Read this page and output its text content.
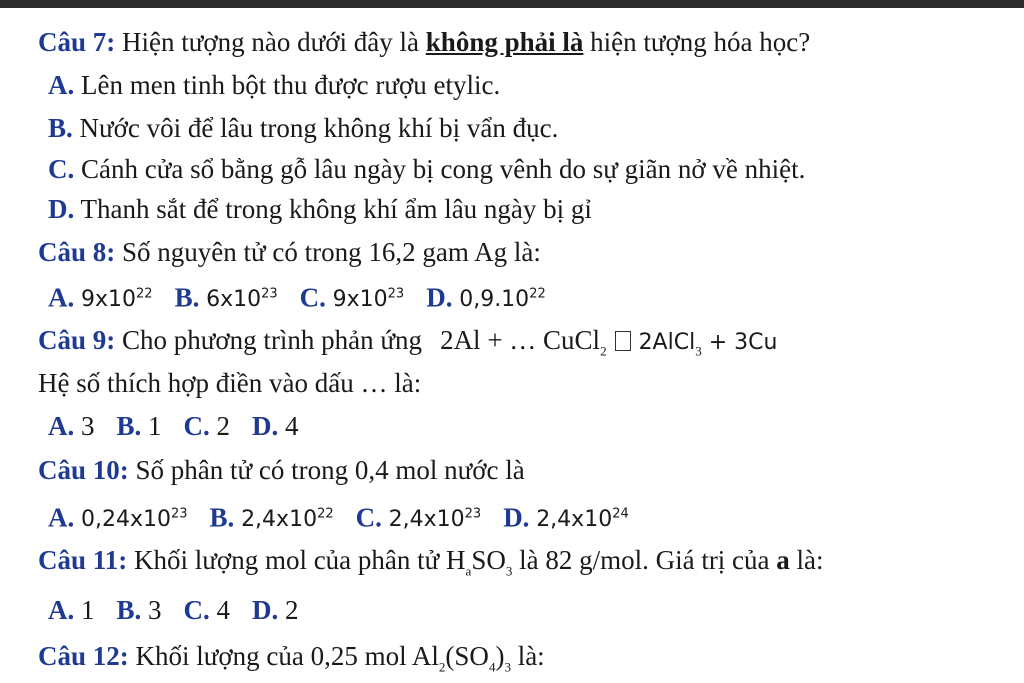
Câu 7: Hiện tượng nào dưới đây là không phải là hiện tượng hóa học?
A. Lên men tinh bột thu được rượu etylic.
B. Nước vôi để lâu trong không khí bị vẩn đục.
C. Cánh cửa sổ bằng gỗ lâu ngày bị cong vênh do sự giãn nở về nhiệt.
D. Thanh sắt để trong không khí ẩm lâu ngày bị gỉ
Câu 8: Số nguyên tử có trong 16,2 gam Ag là:
A. $9x10^{22}$ B. $6x10^{23}$ C. $9x10^{23}$ D. 0,9.10$^{22}$
Câu 9: Cho phương trình phản ứng 2Al + … CuCl$_2$ 2AlCl$_3$ + 3Cu
Hệ số thích hợp điền vào dấu … là:
A. 3 B. 1 C. 2 D. 4
Câu 10: Số phân tử có trong 0,4 mol nước là
A. $0,24x10^{23}$ B. $2,4x10^{22}$ C. $2,4x10^{23}$ D. $2,4x10^{24}$
Câu 11: Khối lượng mol của phân tử $H_aSO_3$ là 82 g/mol. Giá trị của a là:
A. 1 B. 3 C. 4 D. 2
Câu 12: Khối lượng của 0,25 mol $Al_2(SO_4)_3$ là:
